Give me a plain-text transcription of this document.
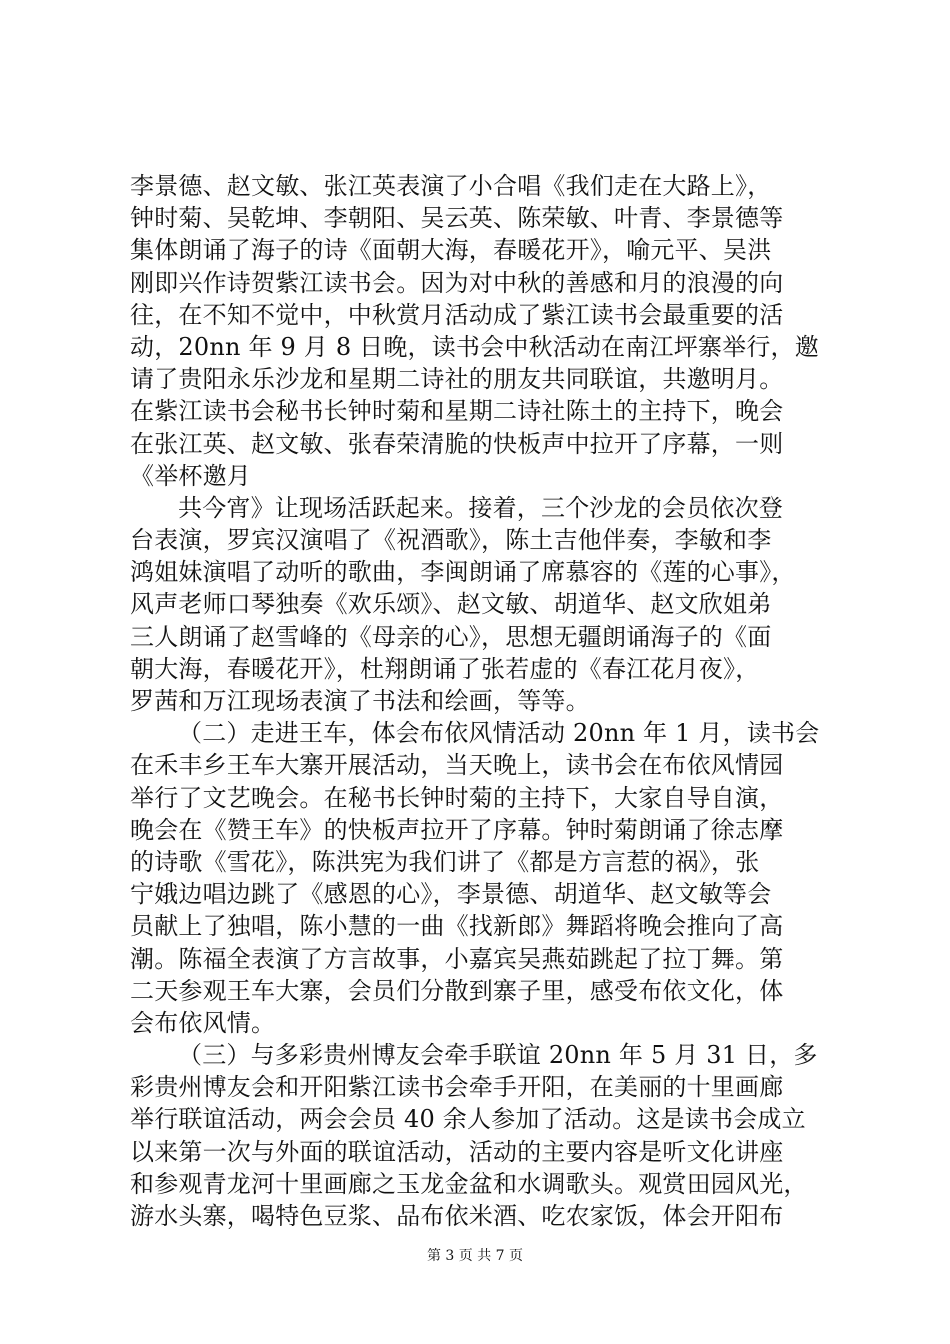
李景德、赵文敏、张江英表演了小合唱《我们走在大路上》，
钟时菊、吴乾坤、李朝阳、吴云英、陈荣敏、叶青、李景德等
集体朗诵了海子的诗《面朝大海，春暖花开》，喻元平、吴洪
刚即兴作诗贺紫江读书会。因为对中秋的善感和月的浪漫的向
往，在不知不觉中，中秋赏月活动成了紫江读书会最重要的活
动，20nn 年 9 月 8 日晚，读书会中秋活动在南江坪寨举行，邀
请了贵阳永乐沙龙和星期二诗社的朋友共同联谊，共邀明月。
在紫江读书会秘书长钟时菊和星期二诗社陈土的主持下，晚会
在张江英、赵文敏、张春荣清脆的快板声中拉开了序幕，一则
《举杯邀月
共今宵》让现场活跃起来。接着，三个沙龙的会员依次登
台表演，罗宾汉演唱了《祝酒歌》，陈土吉他伴奏，李敏和李
鸿姐妹演唱了动听的歌曲，李闽朗诵了席慕容的《莲的心事》，
风声老师口琴独奏《欢乐颂》、赵文敏、胡道华、赵文欣姐弟
三人朗诵了赵雪峰的《母亲的心》，思想无疆朗诵海子的《面
朝大海，春暖花开》，杜翔朗诵了张若虚的《春江花月夜》，
罗茜和万江现场表演了书法和绘画，等等。
（二）走进王车，体会布依风情活动 20nn 年 1 月，读书会
在禾丰乡王车大寨开展活动，当天晚上，读书会在布依风情园
举行了文艺晚会。在秘书长钟时菊的主持下，大家自导自演，
晚会在《赞王车》的快板声拉开了序幕。钟时菊朗诵了徐志摩
的诗歌《雪花》，陈洪宪为我们讲了《都是方言惹的祸》，张
宁娥边唱边跳了《感恩的心》，李景德、胡道华、赵文敏等会
员献上了独唱，陈小慧的一曲《找新郎》舞蹈将晚会推向了高
潮。陈福全表演了方言故事，小嘉宾吴燕茹跳起了拉丁舞。第
二天参观王车大寨，会员们分散到寨子里，感受布依文化，体
会布依风情。
（三）与多彩贵州博友会牵手联谊 20nn 年 5 月 31 日，多
彩贵州博友会和开阳紫江读书会牵手开阳，在美丽的十里画廊
举行联谊活动，两会会员 40 余人参加了活动。这是读书会成立
以来第一次与外面的联谊活动，活动的主要内容是听文化讲座
和参观青龙河十里画廊之玉龙金盆和水调歌头。观赏田园风光，
游水头寨，喝特色豆浆、品布依米酒、吃农家饭，体会开阳布
第 3 页 共 7 页
